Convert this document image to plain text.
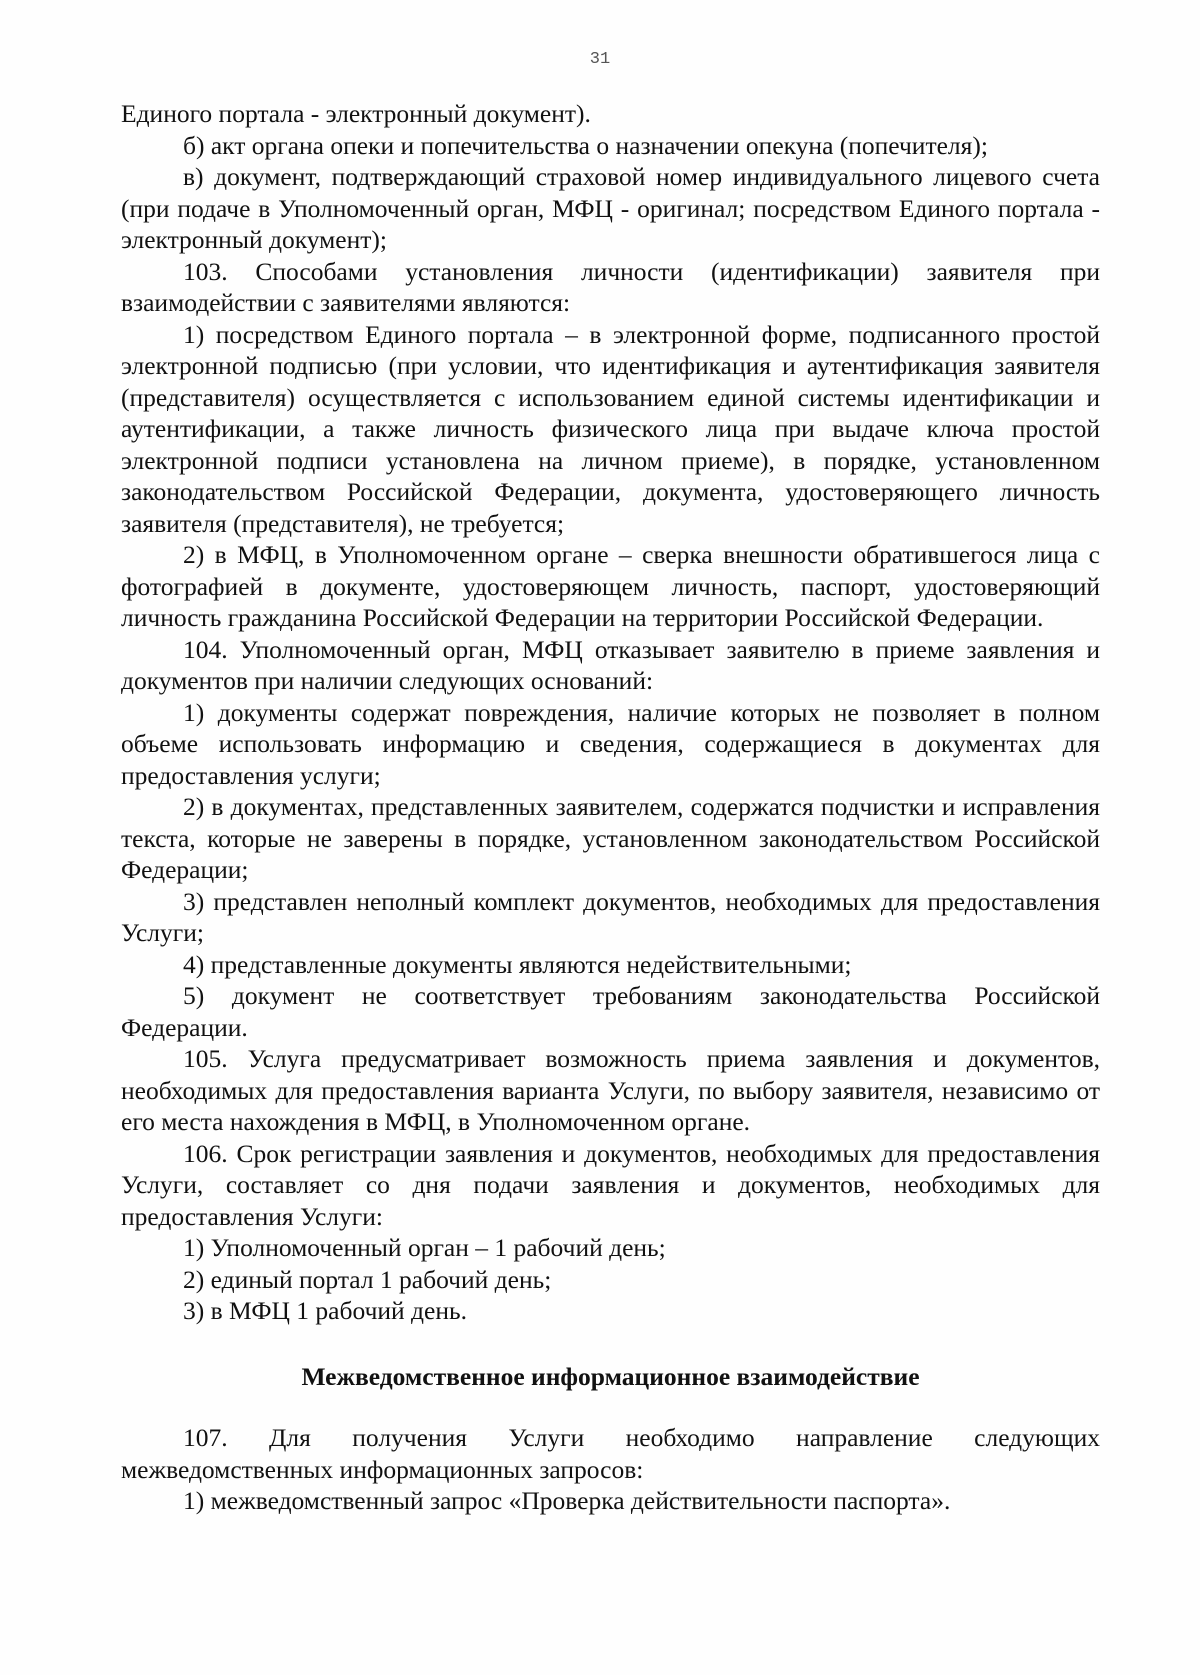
31

Единого портала - электронный документ).

б) акт органа опеки и попечительства о назначении опекуна (попечителя);

в) документ, подтверждающий страховой номер индивидуального лицевого счета (при подаче в Уполномоченный орган, МФЦ - оригинал; посредством Единого портала - электронный документ);

103. Способами установления личности (идентификации) заявителя при взаимодействии с заявителями являются:

1) посредством Единого портала – в электронной форме, подписанного простой электронной подписью (при условии, что идентификация и аутентификация заявителя (представителя) осуществляется с использованием единой системы идентификации и аутентификации, а также личность физического лица при выдаче ключа простой электронной подписи установлена на личном приеме), в порядке, установленном законодательством Российской Федерации, документа, удостоверяющего личность заявителя (представителя), не требуется;

2) в МФЦ, в Уполномоченном органе – сверка внешности обратившегося лица с фотографией в документе, удостоверяющем личность, паспорт, удостоверяющий личность гражданина Российской Федерации на территории Российской Федерации.

104. Уполномоченный орган, МФЦ отказывает заявителю в приеме заявления и документов при наличии следующих оснований:

1) документы содержат повреждения, наличие которых не позволяет в полном объеме использовать информацию и сведения, содержащиеся в документах для предоставления услуги;

2) в документах, представленных заявителем, содержатся подчистки и исправления текста, которые не заверены в порядке, установленном законодательством Российской Федерации;

3) представлен неполный комплект документов, необходимых для предоставления Услуги;

4) представленные документы являются недействительными;

5) документ не соответствует требованиям законодательства Российской Федерации.

105. Услуга предусматривает возможность приема заявления и документов, необходимых для предоставления варианта Услуги, по выбору заявителя, независимо от его места нахождения в МФЦ, в Уполномоченном органе.

106. Срок регистрации заявления и документов, необходимых для предоставления Услуги, составляет со дня подачи заявления и документов, необходимых для предоставления Услуги:

1) Уполномоченный орган – 1 рабочий день;

2) единый портал 1 рабочий день;

3) в МФЦ 1 рабочий день.

Межведомственное информационное взаимодействие

107. Для получения Услуги необходимо направление следующих межведомственных информационных запросов:

1) межведомственный запрос «Проверка действительности паспорта».
